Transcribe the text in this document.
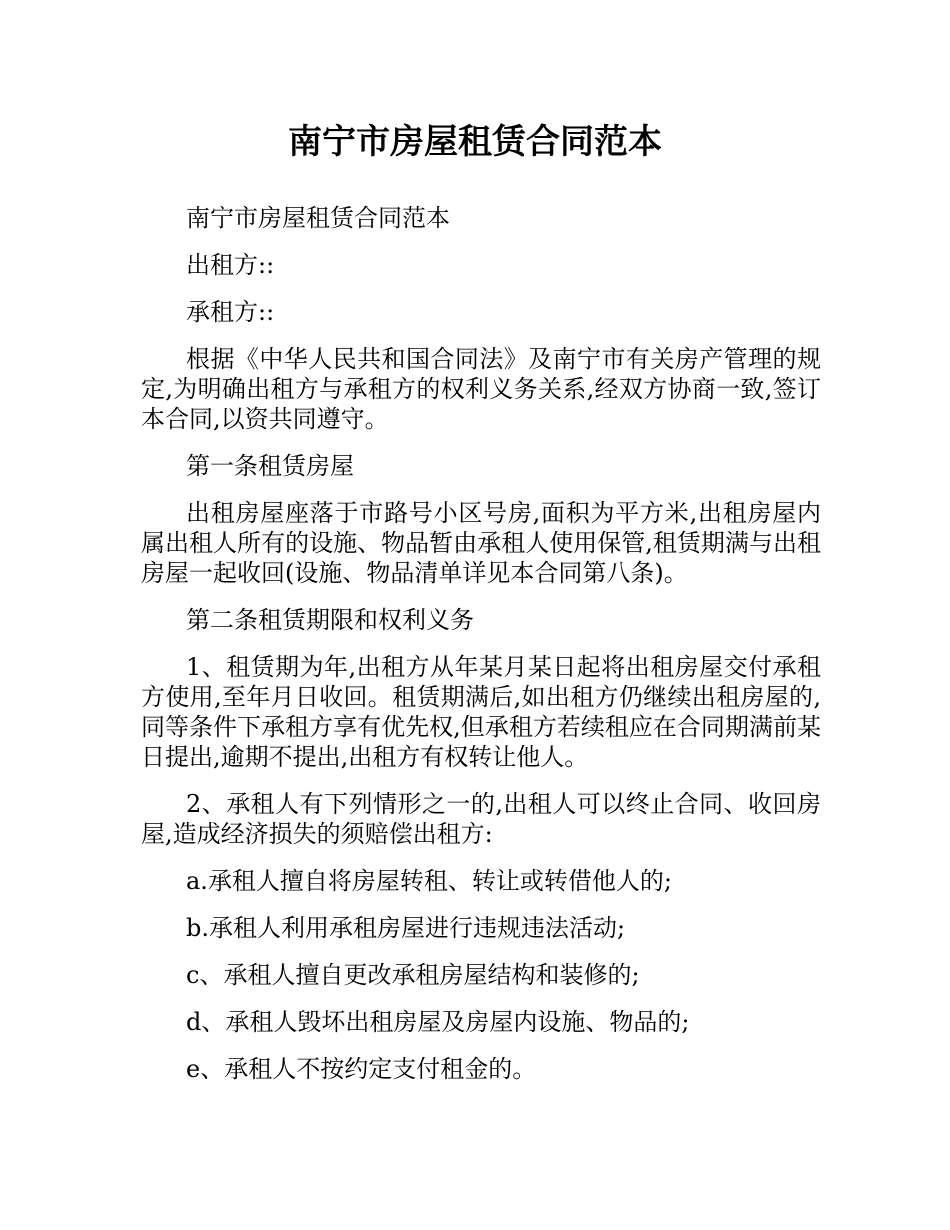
南宁市房屋租赁合同范本

南宁市房屋租赁合同范本

出租方::

承租方::

根据《中华人民共和国合同法》及南宁市有关房产管理的规定,为明确出租方与承租方的权利义务关系,经双方协商一致,签订本合同,以资共同遵守。

第一条租赁房屋

出租房屋座落于市路号小区号房,面积为平方米,出租房屋内属出租人所有的设施、物品暂由承租人使用保管,租赁期满与出租房屋一起收回(设施、物品清单详见本合同第八条)。

第二条租赁期限和权利义务

1、租赁期为年,出租方从年某月某日起将出租房屋交付承租方使用,至年月日收回。租赁期满后,如出租方仍继续出租房屋的,同等条件下承租方享有优先权,但承租方若续租应在合同期满前某日提出,逾期不提出,出租方有权转让他人。

2、承租人有下列情形之一的,出租人可以终止合同、收回房屋,造成经济损失的须赔偿出租方:

a.承租人擅自将房屋转租、转让或转借他人的;

b.承租人利用承租房屋进行违规违法活动;

c、承租人擅自更改承租房屋结构和装修的;

d、承租人毁坏出租房屋及房屋内设施、物品的;

e、承租人不按约定支付租金的。
